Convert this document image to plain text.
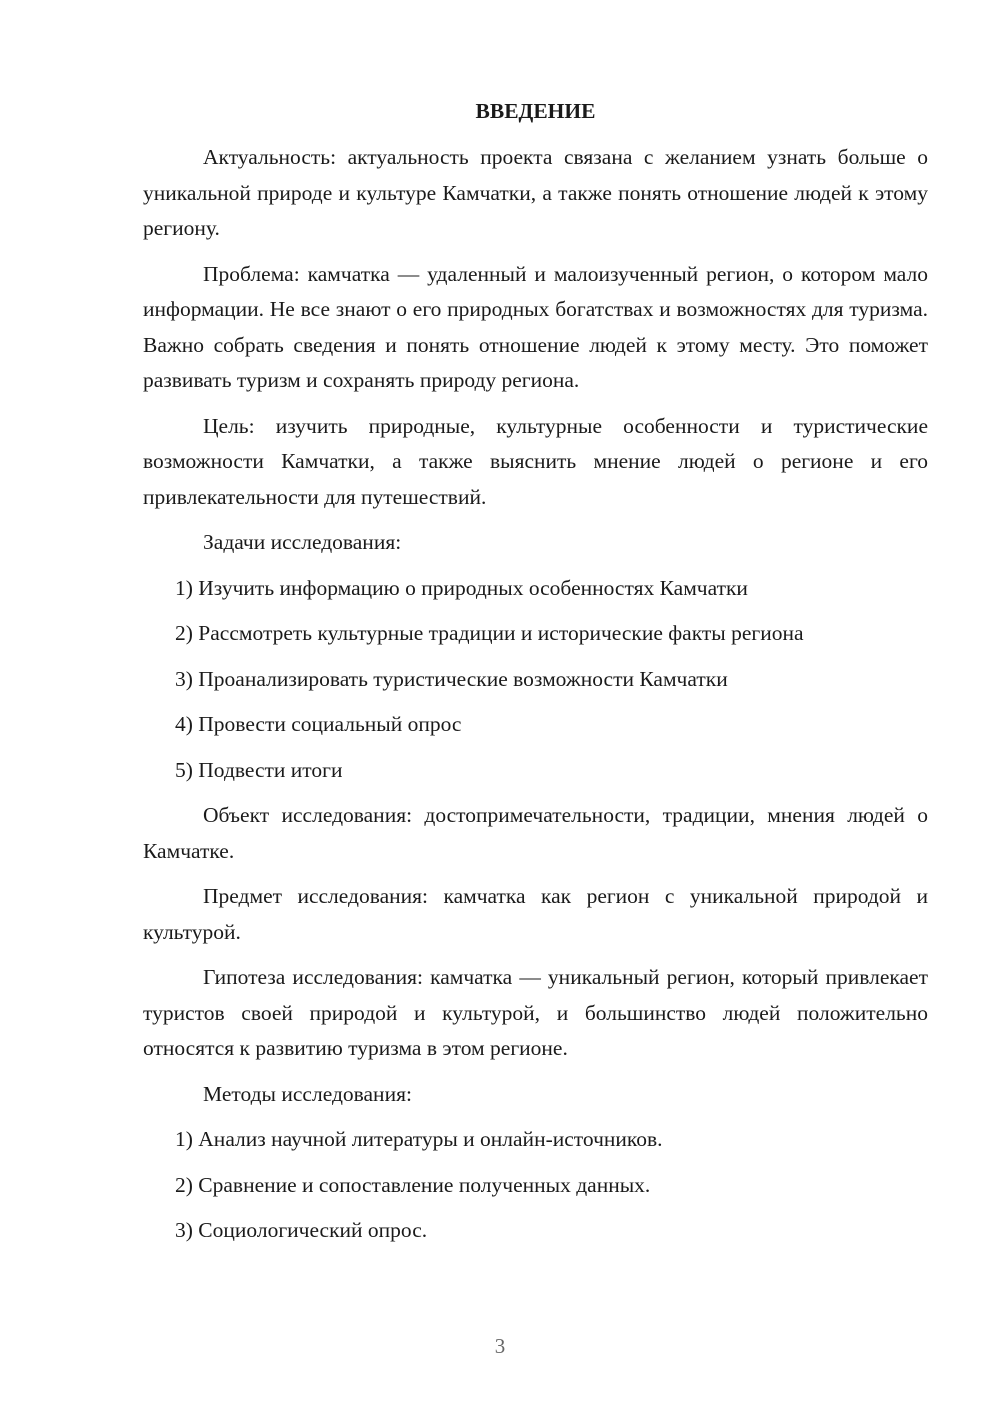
ВВЕДЕНИЕ

Актуальность: актуальность проекта связана с желанием узнать больше о уникальной природе и культуре Камчатки, а также понять отношение людей к этому региону.

Проблема: камчатка — удаленный и малоизученный регион, о котором мало информации. Не все знают о его природных богатствах и возможностях для туризма. Важно собрать сведения и понять отношение людей к этому месту. Это поможет развивать туризм и сохранять природу региона.

Цель: изучить природные, культурные особенности и туристические возможности Камчатки, а также выяснить мнение людей о регионе и его привлекательности для путешествий.

Задачи исследования:
1) Изучить информацию о природных особенностях Камчатки
2) Рассмотреть культурные традиции и исторические факты региона
3) Проанализировать туристические возможности Камчатки
4) Провести социальный опрос
5) Подвести итоги

Объект исследования: достопримечательности, традиции, мнения людей о Камчатке.

Предмет исследования: камчатка как регион с уникальной природой и культурой.

Гипотеза исследования: камчатка — уникальный регион, который привлекает туристов своей природой и культурой, и большинство людей положительно относятся к развитию туризма в этом регионе.

Методы исследования:
1) Анализ научной литературы и онлайн-источников.
2) Сравнение и сопоставление полученных данных.
3) Социологический опрос.
3
